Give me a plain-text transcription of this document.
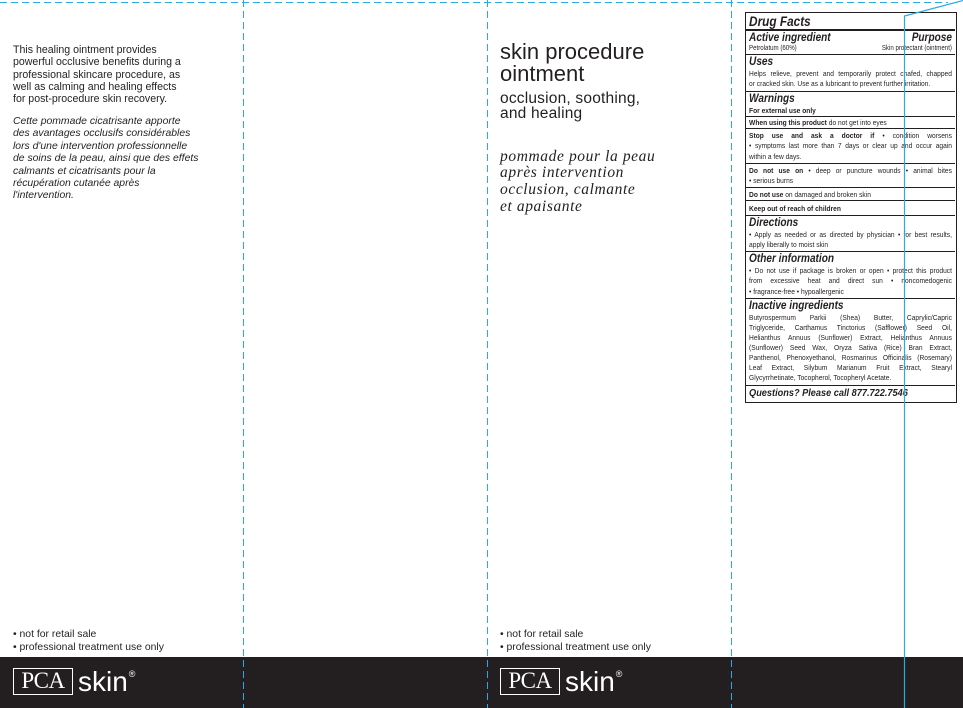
This healing ointment provides
powerful occlusive benefits during a
professional skincare procedure, as
well as calming and healing effects
for post-procedure skin recovery.
Cette pommade cicatrisante apporte
des avantages occlusifs considérables
lors d'une intervention professionnelle
de soins de la peau, ainsi que des effets
calmants et cicatrisants pour la
récupération cutanée après
l'intervention.
• not for retail sale
• professional treatment use only
skin procedure
ointment
occlusion, soothing,
and healing
pommade pour la peau
après intervention
occlusion, calmante
et apaisante
• not for retail sale
• professional treatment use only
PCA skin ®	PCA skin ®
Drug Facts
Active ingredient	Purpose
Petrolatum (60%)	Skin protectant (ointment)
Uses
Helps relieve, prevent and temporarily protect chafed, chapped
or cracked skin. Use as a lubricant to prevent further irritation.
Warnings
For external use only
When using this product do not get into eyes
Stop use and ask a doctor if • condition worsens
• symptoms last more than 7 days or clear up and occur again
within a few days.
Do not use on • deep or puncture wounds • animal bites
• serious burns
Do not use on damaged and broken skin
Keep out of reach of children
Directions
• Apply as needed or as directed by physician • for best results,
apply liberally to moist skin
Other information
• Do not use if package is broken or open • protect this product
from excessive heat and direct sun • noncomedogenic
• fragrance-free • hypoallergenic
Inactive ingredients
Butyrospermum Parkii (Shea) Butter, Caprylic/Capric
Triglyceride, Carthamus Tinctorius (Safflower) Seed Oil,
Helianthus Annuus (Sunflower) Extract, Helianthus Annuus
(Sunflower) Seed Wax, Oryza Sativa (Rice) Bran Extract,
Panthenol, Phenoxyethanol, Rosmarinus Officinalis (Rosemary)
Leaf Extract, Silybum Marianum Fruit Extract, Stearyl
Glycyrrhetinate, Tocopherol, Tocopheryl Acetate.
Questions? Please call 877.722.7546
